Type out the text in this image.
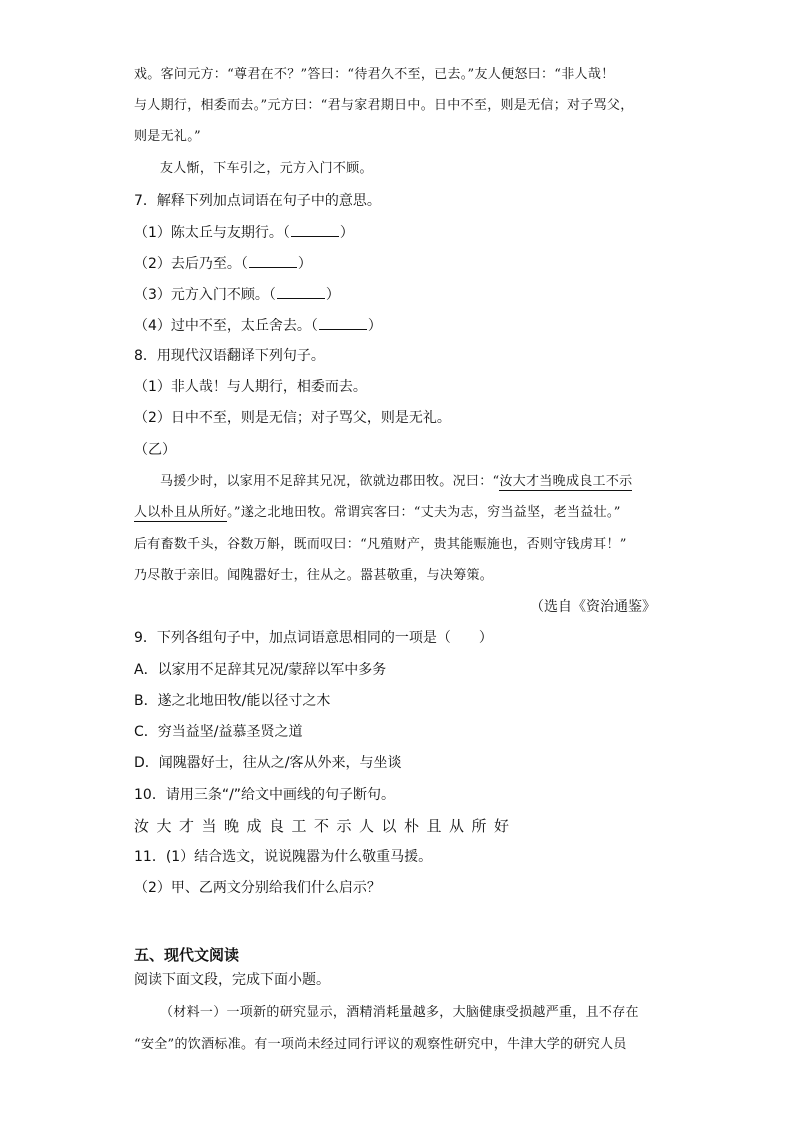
戏。客问元方：“尊君在不？”答曰：“待君久不至，已去。”友人便怒曰：“非人哉！
与人期行，相委而去。”元方曰：“君与家君期日中。日中不至，则是无信；对子骂父，
则是无礼。”
友人惭，下车引之，元方入门不顾。
7．解释下列加点词语在句子中的意思。
（1）陈太丘与友期行。（	）
（2）去后乃至。（	）
（3）元方入门不顾。（	）
（4）过中不至，太丘舍去。（	）
8．用现代汉语翻译下列句子。
（1）非人哉！与人期行，相委而去。
（2）日中不至，则是无信；对子骂父，则是无礼。
（乙）
马援少时，以家用不足辞其兄况，欲就边郡田牧。况曰：“汝大才当晚成良工不示
人以朴且从所好。”遂之北地田牧。常谓宾客曰：“丈夫为志，穷当益坚，老当益壮。”
后有畜数千头，谷数万斛，既而叹曰：“凡殖财产，贵其能赈施也，否则守钱虏耳！”
乃尽散于亲旧。闻隗嚣好士，往从之。嚣甚敬重，与决筹策。
（选自《资治通鉴》
9．下列各组句子中，加点词语意思相同的一项是（　　）
A．以家用不足辞其兄况/蒙辞以军中多务
B．遂之北地田牧/能以径寸之木
C．穷当益坚/益慕圣贤之道
D．闻隗嚣好士，往从之/客从外来，与坐谈
10．请用三条“/”给文中画线的句子断句。
汝大才当晚成良工不示人以朴且从所好
11．(1）结合选文，说说隗嚣为什么敬重马援。
（2）甲、乙两文分别给我们什么启示？
五、现代文阅读
阅读下面文段，完成下面小题。
（材料一）一项新的研究显示，酒精消耗量越多，大脑健康受损越严重，且不存在
“安全”的饮酒标准。有一项尚未经过同行评议的观察性研究中，牛津大学的研究人员
